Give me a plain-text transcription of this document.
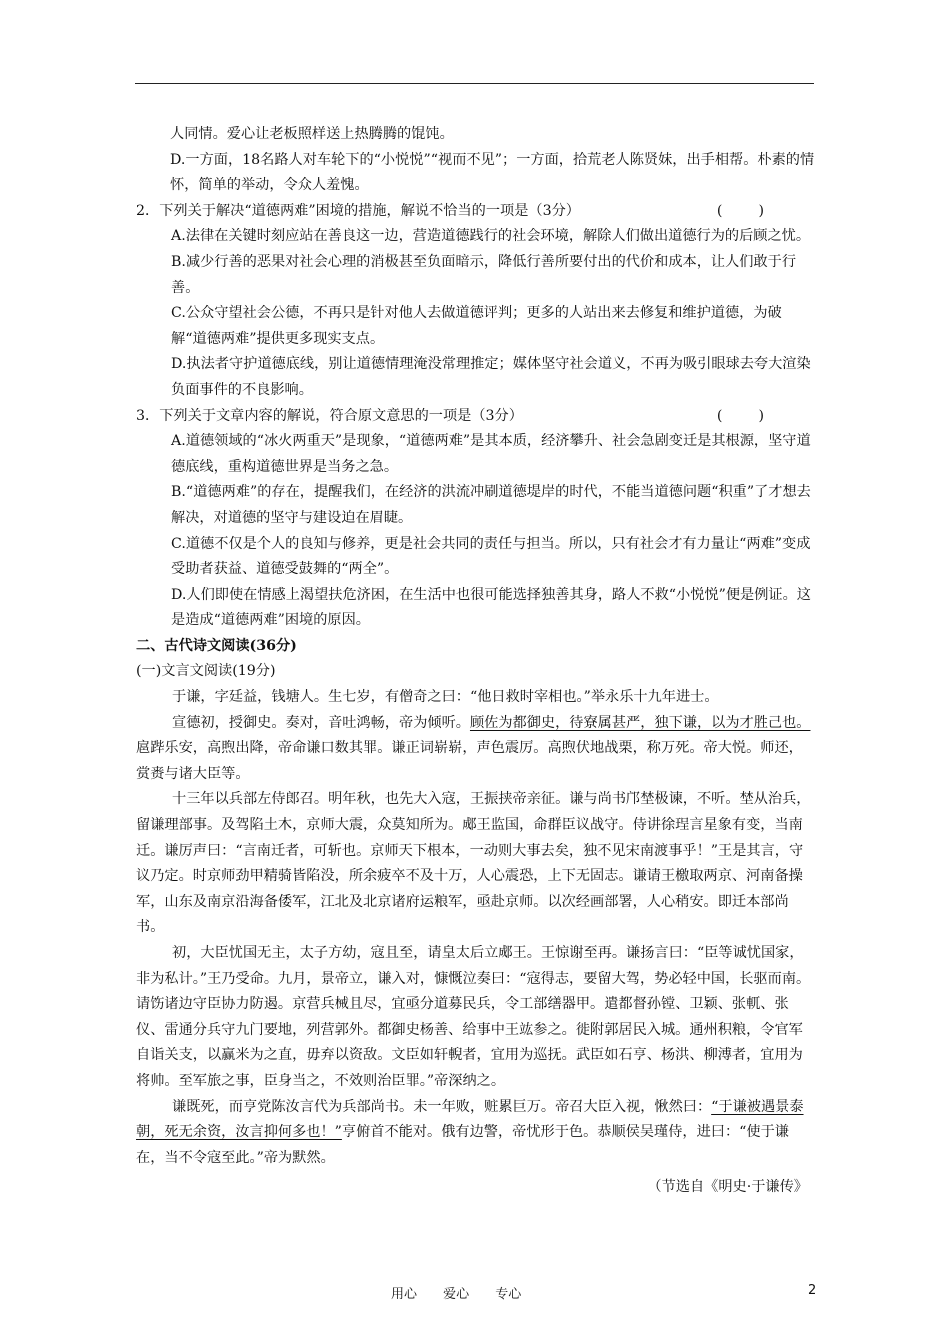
人同情。爱心让老板照样送上热腾腾的馄饨。
D.一方面，18名路人对车轮下的“小悦悦”“视而不见”；一方面，拾荒老人陈贤妹，出手相帮。朴素的情怀，简单的举动，令众人羞愧。
2．下列关于解决“道德两难”困境的措施，解说不恰当的一项是（3分）	(        )
A.法律在关键时刻应站在善良这一边，营造道德践行的社会环境，解除人们做出道德行为的后顾之忧。
B.减少行善的恶果对社会心理的消极甚至负面暗示，降低行善所要付出的代价和成本，让人们敢于行善。
C.公众守望社会公德，不再只是针对他人去做道德评判；更多的人站出来去修复和维护道德，为破解“道德两难”提供更多现实支点。
D.执法者守护道德底线，别让道德情理淹没常理推定；媒体坚守社会道义，不再为吸引眼球去夸大渲染负面事件的不良影响。
3．下列关于文章内容的解说，符合原文意思的一项是（3分）	(        )
A.道德领域的“冰火两重天”是现象，“道德两难”是其本质，经济攀升、社会急剧变迁是其根源，坚守道德底线，重构道德世界是当务之急。
B.“道德两难”的存在，提醒我们，在经济的洪流冲刷道德堤岸的时代，不能当道德问题“积重”了才想去解决，对道德的坚守与建设迫在眉睫。
C.道德不仅是个人的良知与修养，更是社会共同的责任与担当。所以，只有社会才有力量让“两难”变成受助者获益、道德受鼓舞的“两全”。
D.人们即使在情感上渴望扶危济困，在生活中也很可能选择独善其身，路人不救“小悦悦”便是例证。这是造成“道德两难”困境的原因。
二、古代诗文阅读(36分)
(一)文言文阅读(19分)
于谦，字廷益，钱塘人。生七岁，有僧奇之曰：“他日救时宰相也。”举永乐十九年进士。
宣德初，授御史。奏对，音吐鸿畅，帝为倾听。顾佐为都御史，待寮属甚严，独下谦，以为才胜己也。扈跸乐安，高煦出降，帝命谦口数其罪。谦正词崭崭，声色震厉。高煦伏地战栗，称万死。帝大悦。师还，赏赉与诸大臣等。
十三年以兵部左侍郎召。明年秋，也先大入寇，王振挟帝亲征。谦与尚书邝埜极谏，不听。埜从治兵，留谦理部事。及驾陷土木，京师大震，众莫知所为。郕王监国，命群臣议战守。侍讲徐珵言星象有变，当南迁。谦厉声曰：“言南迁者，可斩也。京师天下根本，一动则大事去矣，独不见宋南渡事乎！”王是其言，守议乃定。时京师劲甲精骑皆陷没，所余疲卒不及十万，人心震恐，上下无固志。谦请王檄取两京、河南备操军，山东及南京沿海备倭军，江北及北京诸府运粮军，亟赴京师。以次经画部署，人心稍安。即迁本部尚书。
初，大臣忧国无主，太子方幼，寇且至，请皇太后立郕王。王惊谢至再。谦扬言曰：“臣等诚忧国家，非为私计。”王乃受命。九月，景帝立，谦入对，慷慨泣奏曰：“寇得志，要留大驾，势必轻中国，长驱而南。请饬诸边守臣协力防遏。京营兵械且尽，宜亟分道募民兵，令工部缮器甲。遣都督孙镗、卫颖、张軏、张仪、雷通分兵守九门要地，列营郭外。都御史杨善、给事中王竑参之。徙附郭居民入城。通州积粮，令官军自诣关支，以赢米为之直，毋弃以资敌。文臣如轩輗者，宜用为巡抚。武臣如石亨、杨洪、柳溥者，宜用为将帅。至军旅之事，臣身当之，不效则治臣罪。”帝深纳之。
谦既死，而亨党陈汝言代为兵部尚书。未一年败，赃累巨万。帝召大臣入视，愀然曰：“于谦被遇景泰朝，死无余资，汝言抑何多也！”亨俯首不能对。俄有边警，帝忧形于色。恭顺侯吴瑾侍，进曰：“使于谦在，当不令寇至此。”帝为默然。
（节选自《明史·于谦传》
用心 爱心 专心	2
